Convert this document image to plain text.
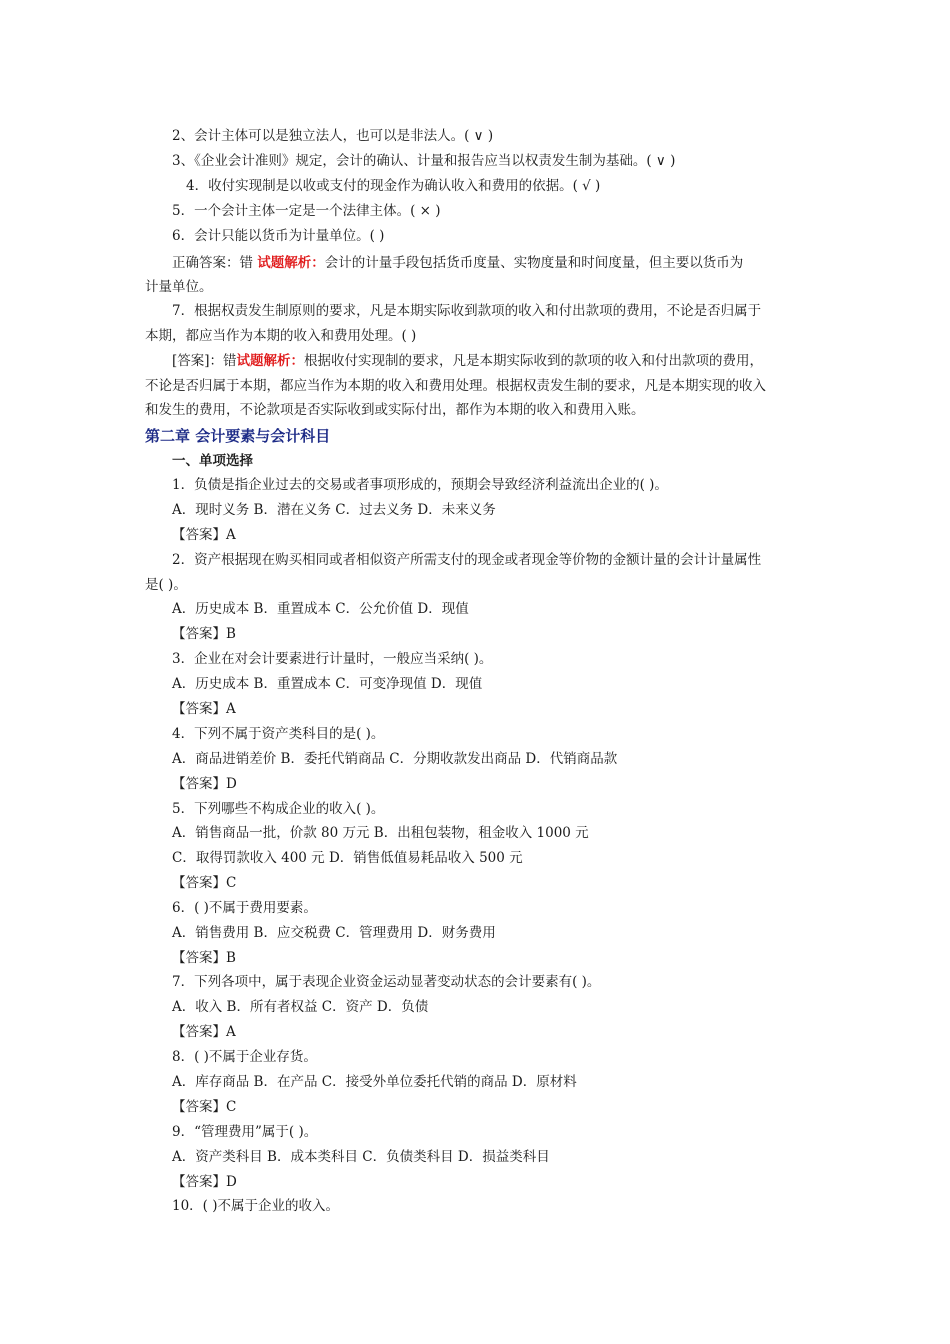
2、会计主体可以是独立法人，也可以是非法人。( ∨ )
3、《企业会计准则》规定，会计的确认、计量和报告应当以权责发生制为基础。( ∨ )
4．收付实现制是以收或支付的现金作为确认收入和费用的依据。( √ )
5．一个会计主体一定是一个法律主体。( × )
6．会计只能以货币为计量单位。( )
正确答案：错 试题解析：会计的计量手段包括货币度量、实物度量和时间度量，但主要以货币为
计量单位。
7．根据权责发生制原则的要求，凡是本期实际收到款项的收入和付出款项的费用，不论是否归属于
本期，都应当作为本期的收入和费用处理。( )
[答案]：错试题解析：根据收付实现制的要求，凡是本期实际收到的款项的收入和付出款项的费用，
不论是否归属于本期，都应当作为本期的收入和费用处理。根据权责发生制的要求，凡是本期实现的收入
和发生的费用，不论款项是否实际收到或实际付出，都作为本期的收入和费用入账。
第二章 会计要素与会计科目
一、单项选择
1．负债是指企业过去的交易或者事项形成的，预期会导致经济利益流出企业的( )。
A．现时义务 B．潜在义务 C．过去义务 D．未来义务
【答案】A
2．资产根据现在购买相同或者相似资产所需支付的现金或者现金等价物的金额计量的会计计量属性
是( )。
A．历史成本 B．重置成本 C．公允价值 D．现值
【答案】B
3．企业在对会计要素进行计量时，一般应当采纳( )。
A．历史成本 B．重置成本 C．可变净现值 D．现值
【答案】A
4．下列不属于资产类科目的是( )。
A．商品进销差价 B．委托代销商品 C．分期收款发出商品 D．代销商品款
【答案】D
5．下列哪些不构成企业的收入( )。
A．销售商品一批，价款 80 万元 B．出租包装物，租金收入 1000 元
C．取得罚款收入 400 元 D．销售低值易耗品收入 500 元
【答案】C
6．( )不属于费用要素。
A．销售费用 B．应交税费 C．管理费用 D．财务费用
【答案】B
7．下列各项中，属于表现企业资金运动显著变动状态的会计要素有( )。
A．收入 B．所有者权益 C．资产 D．负债
【答案】A
8．( )不属于企业存货。
A．库存商品 B．在产品 C．接受外单位委托代销的商品 D．原材料
【答案】C
9．“管理费用”属于( )。
A．资产类科目 B．成本类科目 C．负债类科目 D．损益类科目
【答案】D
10．( )不属于企业的收入。
